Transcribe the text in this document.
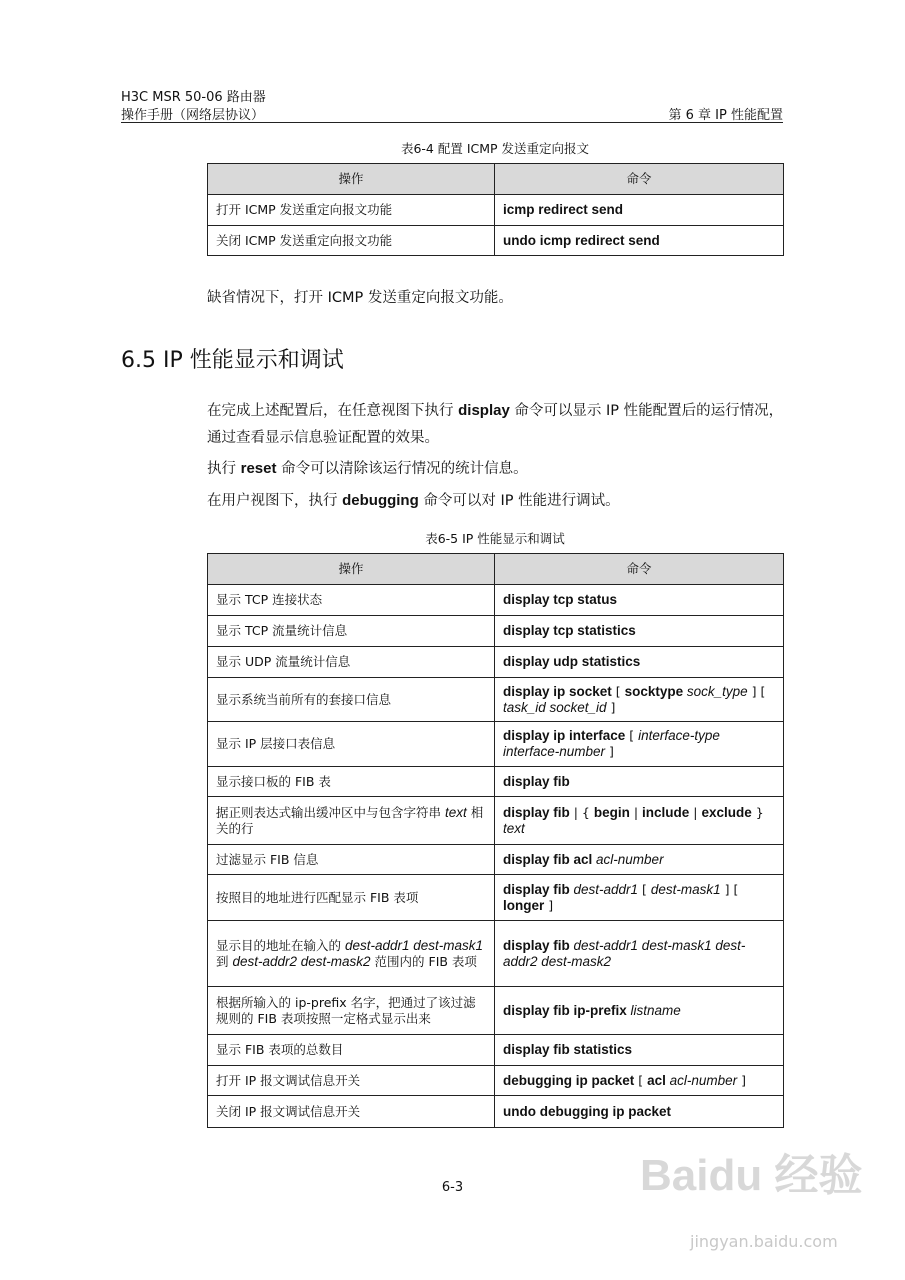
H3C MSR 50-06 路由器
操作手册（网络层协议）	第 6 章 IP 性能配置
表6-4 配置 ICMP 发送重定向报文
操作	命令
打开 ICMP 发送重定向报文功能	icmp redirect send
关闭 ICMP 发送重定向报文功能	undo icmp redirect send
缺省情况下，打开 ICMP 发送重定向报文功能。
6.5 IP 性能显示和调试
在完成上述配置后，在任意视图下执行 display 命令可以显示 IP 性能配置后的运行情况，通过查看显示信息验证配置的效果。
执行 reset 命令可以清除该运行情况的统计信息。
在用户视图下，执行 debugging 命令可以对 IP 性能进行调试。
表6-5 IP 性能显示和调试
操作	命令
显示 TCP 连接状态	display tcp status
显示 TCP 流量统计信息	display tcp statistics
显示 UDP 流量统计信息	display udp statistics
显示系统当前所有的套接口信息	display ip socket [ socktype sock_type ] [ task_id socket_id ]
显示 IP 层接口表信息	display ip interface [ interface-type interface-number ]
显示接口板的 FIB 表	display fib
据正则表达式输出缓冲区中与包含字符串 text 相关的行	display fib | { begin | include | exclude } text
过滤显示 FIB 信息	display fib acl acl-number
按照目的地址进行匹配显示 FIB 表项	display fib dest-addr1 [ dest-mask1 ] [ longer ]
显示目的地址在输入的 dest-addr1 dest-mask1 到 dest-addr2 dest-mask2 范围内的 FIB 表项	display fib dest-addr1 dest-mask1 dest-addr2 dest-mask2
根据所输入的 ip-prefix 名字，把通过了该过滤规则的 FIB 表项按照一定格式显示出来	display fib ip-prefix listname
显示 FIB 表项的总数目	display fib statistics
打开 IP 报文调试信息开关	debugging ip packet [ acl acl-number ]
关闭 IP 报文调试信息开关	undo debugging ip packet
6-3	Baidu 经验
jingyan.baidu.com
